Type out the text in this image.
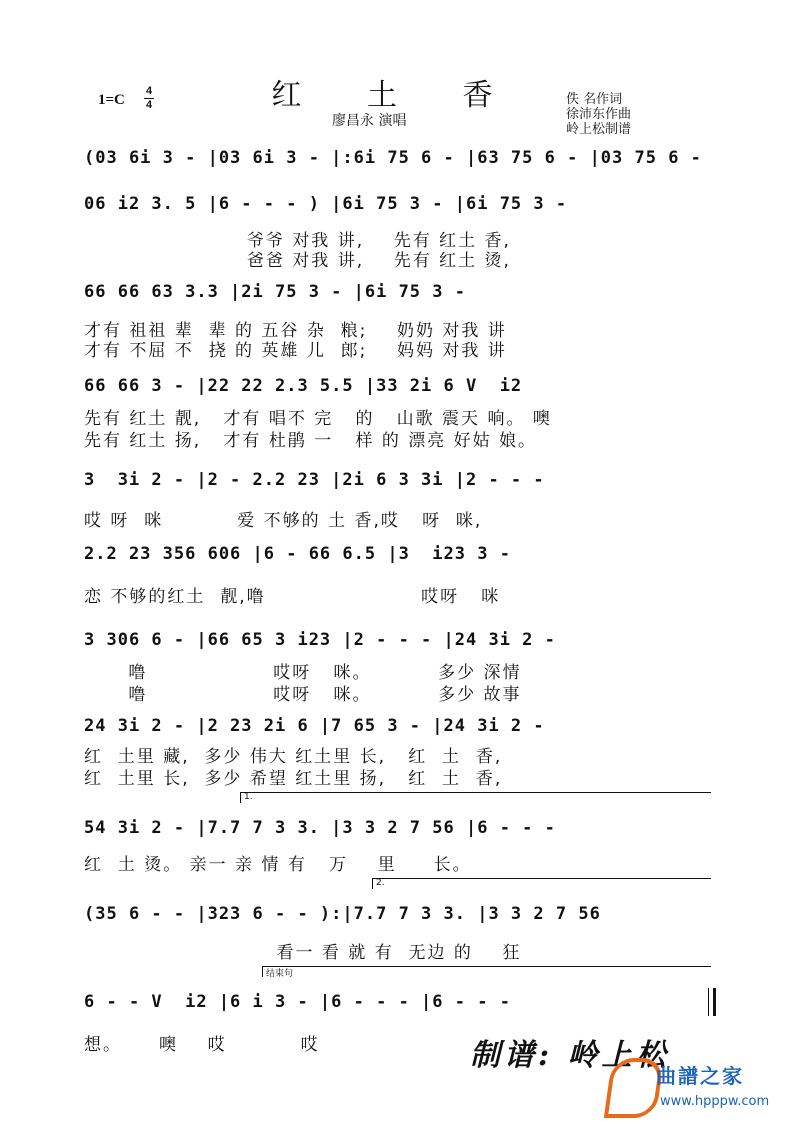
红 土 香
1=C
4
4
廖昌永 演唱
佚 名作词
徐沛东作曲
岭上松制谱
(03 6i 3 - |03 6i 3 - |:6i 75 6 - |63 75 6 - |03 75 6 -
06 i2 3. 5 |6 - - - ) |6i 75 3 - |6i 75 3 -
爷爷 对我 讲,    先有 红土 香,
爸爸 对我 讲,    先有 红土 烫,
66 66 63 3.3 |2i 75 3 - |6i 75 3 -
才有 祖祖 辈  辈 的 五谷 杂  粮;    奶奶 对我 讲
才有 不屈 不  挠 的 英雄 儿  郎;    妈妈 对我 讲
66 66 3 - |22 22 2.3 5.5 |33 2i 6 V  i2
先有 红土 靓,   才有 唱不 完   的   山歌 震天 响。 噢
先有 红土 扬,   才有 杜鹃 一   样 的 漂亮 好姑 娘。
3  3i 2 - |2 - 2.2 23 |2i 6 3 3i |2 - - -
哎 呀  咪          爱 不够的 土 香,哎   呀  咪,
2.2 23 356 606 |6 - 66 6.5 |3  i23 3 -
恋 不够的红土  靓,噜                     哎呀   咪
3 306 6 - |66 65 3 i23 |2 - - - |24 3i 2 -
噜                 哎呀   咪。         多少 深情
噜                 哎呀   咪。         多少 故事
24 3i 2 - |2 23 2i 6 |7 65 3 - |24 3i 2 -
红  土里 藏,  多少 伟大 红土里 长,   红  土  香,
红  土里 长,  多少 希望 红土里 扬,   红  土  香,
1.
54 3i 2 - |7.7 7 3 3. |3 3 2 7 56 |6 - - -
红  土 烫。 亲一 亲 情 有   万    里     长。
2.
(35 6 - - |323 6 - - ):|7.7 7 3 3. |3 3 2 7 56
看一 看 就 有  无边 的    狂
结束句
6 - - V  i2 |6 i 3 - |6 - - - |6 - - -
想。     噢    哎          哎	制谱: 岭上松
曲譜之家
www.hpppw.com
